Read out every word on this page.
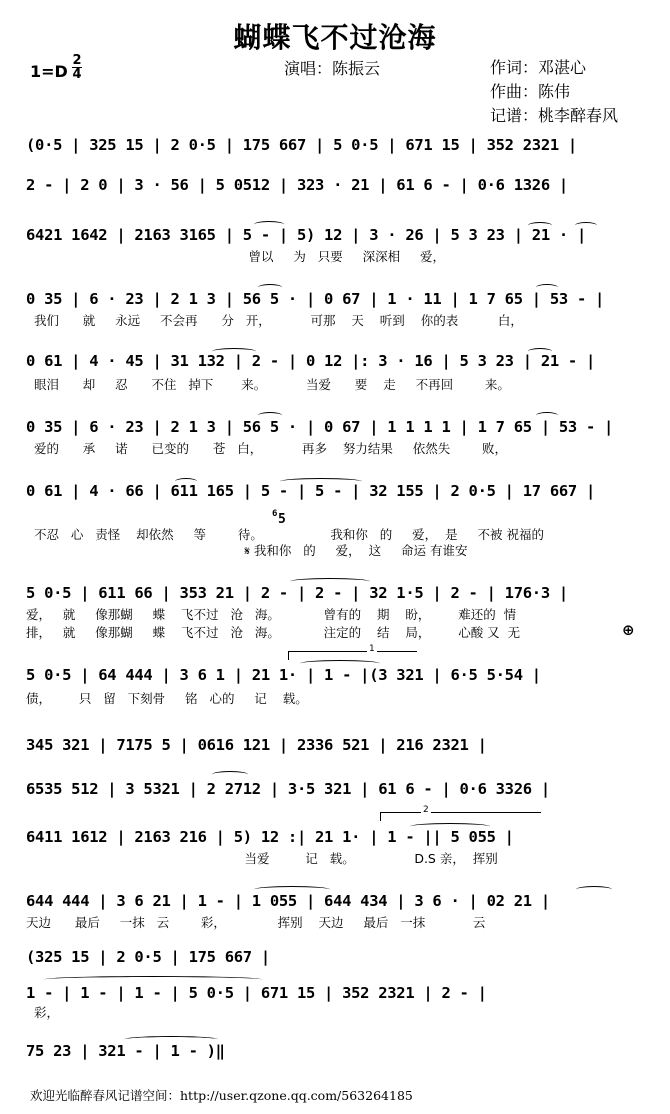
蝴蝶飞不过沧海
1=D
2
4	演唱：陈振云	作词：邓湛心
作曲：陈伟
记谱：桃李醉春风
(0·5 | 325 15 | 2 0·5 | 175 667 | 5 0·5 | 671 15 | 352 2321 |
2 - | 2 0 | 3 · 56 | 5 0512 | 323 · 21 | 61 6 - | 0·6 1326 |
6421 1642 | 2163 3165 | 5 - | 5) 12 | 3 · 26 | 5 3 23 | 21 · |
曾以     为   只要     深深相     爱，
0 35 | 6 · 23 | 2 1 3 | 56 5 · | 0 67 | 1 · 11 | 1 7 65 | 53 - |
我们      就     永远     不会再      分   开，          可那    天    听到    你的表          白，
0 61 | 4 · 45 | 31 132 | 2 - | 0 12 |: 3 · 16 | 5 3 23 | 21 - |
眼泪      却     忍      不住   掉下       来。          当爱      要    走     不再回        来。
0 35 | 6 · 23 | 2 1 3 | 56 5 · | 0 67 | 1 1 1 1 | 1 7 65 | 53 - |
爱的      承     诺      已变的      苍   白，          再多    努力结果     依然失        败，
0 61 | 4 · 66 | 611 165 | 5 - | 5 - | 32 155 | 2 0·5 | 17 667 |
6 5
不忍   心   责怪    却依然     等        待。                 我和你   的     爱，  是     不被 祝福的
𝄋 我和你   的     爱，  这     命运 有谁安
5 0·5 | 611 66 | 353 21 | 2 - | 2 - | 32 1·5 | 2 - | 176·3 |
爱，   就     像那蝴     蝶    飞不过   沧   海。           曾有的    期    盼，       难还的  情
排，   就     像那蝴     蝶    飞不过   沧   海。           注定的    结    局，       心酸 又  无	⊕
1
5 0·5 | 64 444 | 3 6 1 | 21 1· | 1 - |(3 321 | 6·5 5·54 |
债，       只   留   下刻骨     铭   心的     记    载。
345 321 | 7175 5 | 0616 121 | 2336 521 | 216 2321 |
6535 512 | 3 5321 | 2 2712 | 3·5 321 | 61 6 - | 0·6 3326 |
2
6411 1612 | 2163 216 | 5) 12 :| 21 1· | 1 - || 5 055 |
当爱         记   载。               D.S 亲，  挥别
644 444 | 3 6 21 | 1 - | 1 055 | 644 434 | 3 6 · | 02 21 |
天边      最后     一抹   云        彩，             挥别    天边     最后   一抹            云
(325 15 | 2 0·5 | 175 667 |
1 - | 1 - | 1 - | 5 0·5 | 671 15 | 352 2321 | 2 - |
彩，
75 23 | 321 - | 1 - )‖
欢迎光临醉春风记谱空间：http://user.qzone.qq.com/563264185
